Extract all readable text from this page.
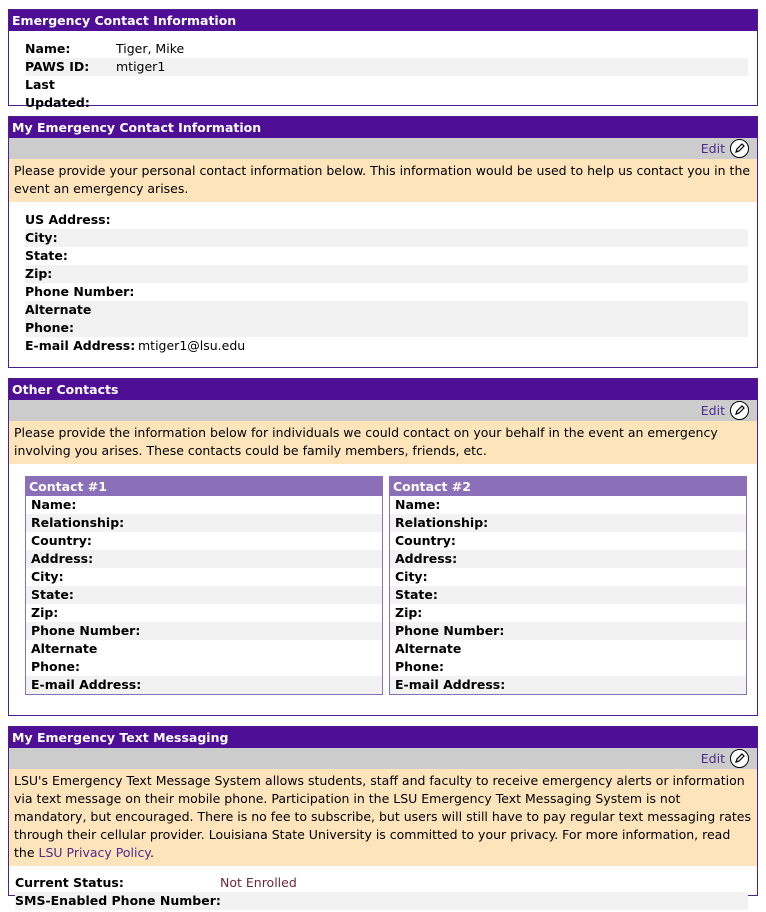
Emergency Contact Information
Name:	Tiger, Mike
PAWS ID:	mtiger1
Last Updated:
My Emergency Contact Information
Edit
Please provide your personal contact information below. This information would be used to help us contact you in the event an emergency arises.
US Address:
City:
State:
Zip:
Phone Number:
Alternate
Phone:
E-mail Address: mtiger1@lsu.edu
Other Contacts
Edit
Please provide the information below for individuals we could contact on your behalf in the event an emergency involving you arises. These contacts could be family members, friends, etc.
Contact #1
Name:
Relationship:
Country:
Address:
City:
State:
Zip:
Phone Number:
Alternate
Phone:
E-mail Address:
Contact #2
Name:
Relationship:
Country:
Address:
City:
State:
Zip:
Phone Number:
Alternate
Phone:
E-mail Address:
My Emergency Text Messaging
Edit
LSU's Emergency Text Message System allows students, staff and faculty to receive emergency alerts or information via text message on their mobile phone. Participation in the LSU Emergency Text Messaging System is not mandatory, but encouraged. There is no fee to subscribe, but users will still have to pay regular text messaging rates through their cellular provider. Louisiana State University is committed to your privacy. For more information, read the LSU Privacy Policy.
Current Status:	Not Enrolled
SMS-Enabled Phone Number:
